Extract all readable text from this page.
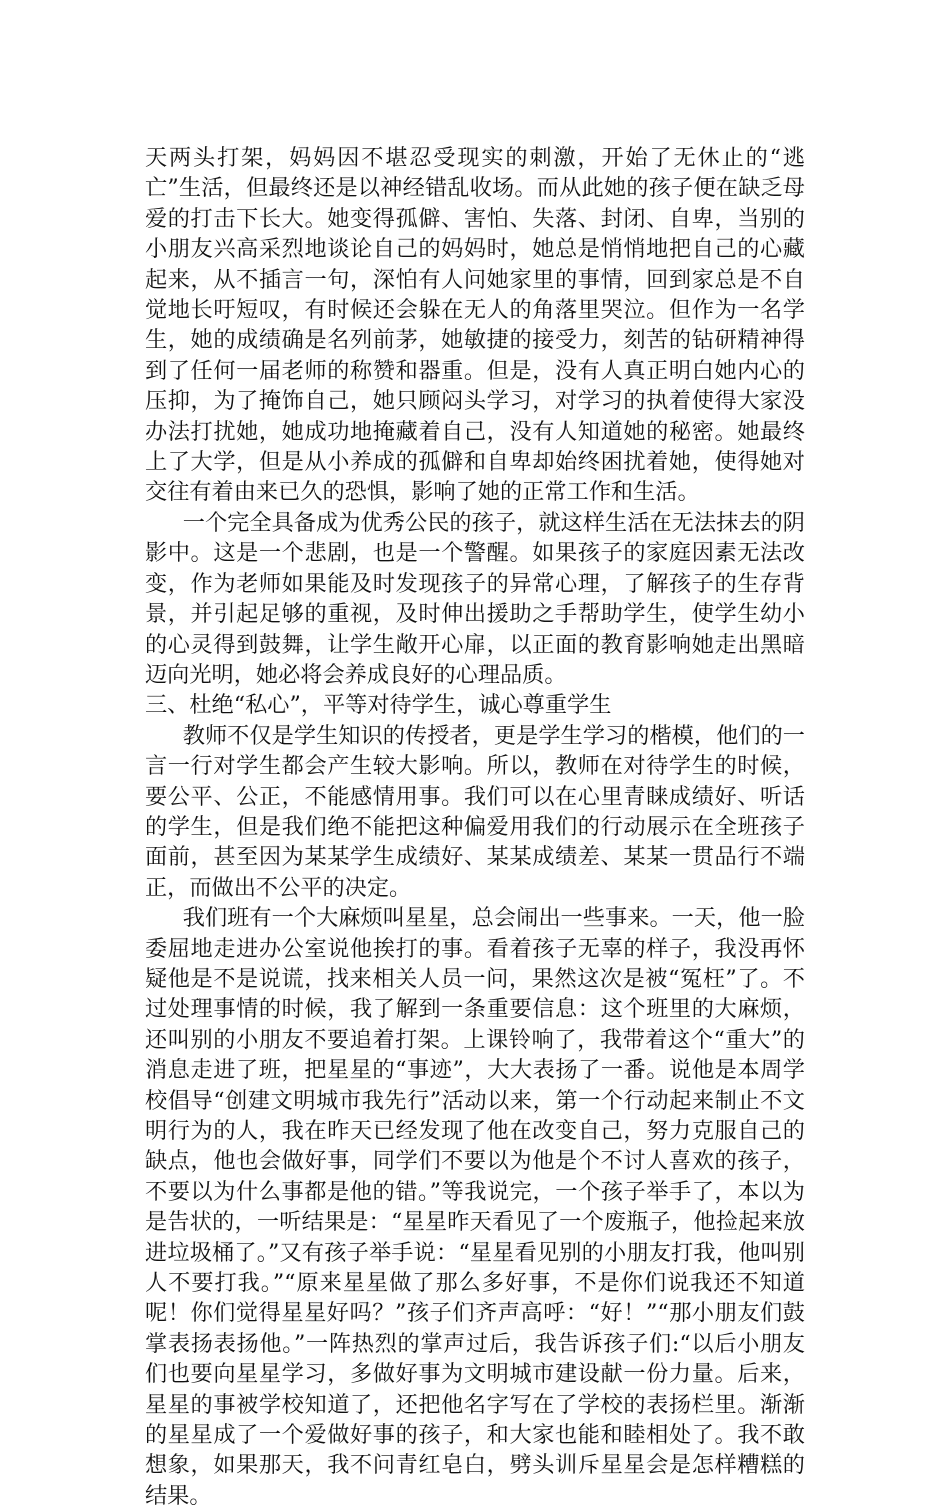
天两头打架，妈妈因不堪忍受现实的刺激，开始了无休止的“逃亡”生活，但最终还是以神经错乱收场。而从此她的孩子便在缺乏母爱的打击下长大。她变得孤僻、害怕、失落、封闭、自卑，当别的小朋友兴高采烈地谈论自己的妈妈时，她总是悄悄地把自己的心藏起来，从不插言一句，深怕有人问她家里的事情，回到家总是不自觉地长吁短叹，有时候还会躲在无人的角落里哭泣。但作为一名学生，她的成绩确是名列前茅，她敏捷的接受力，刻苦的钻研精神得到了任何一届老师的称赞和器重。但是，没有人真正明白她内心的压抑，为了掩饰自己，她只顾闷头学习，对学习的执着使得大家没办法打扰她，她成功地掩藏着自己，没有人知道她的秘密。她最终上了大学，但是从小养成的孤僻和自卑却始终困扰着她，使得她对交往有着由来已久的恐惧，影响了她的正常工作和生活。

一个完全具备成为优秀公民的孩子，就这样生活在无法抹去的阴影中。这是一个悲剧，也是一个警醒。如果孩子的家庭因素无法改变，作为老师如果能及时发现孩子的异常心理，了解孩子的生存背景，并引起足够的重视，及时伸出援助之手帮助学生，使学生幼小的心灵得到鼓舞，让学生敞开心扉，以正面的教育影响她走出黑暗迈向光明，她必将会养成良好的心理品质。

三、杜绝“私心”，平等对待学生，诚心尊重学生

教师不仅是学生知识的传授者，更是学生学习的楷模，他们的一言一行对学生都会产生较大影响。所以，教师在对待学生的时候，要公平、公正，不能感情用事。我们可以在心里青睐成绩好、听话的学生，但是我们绝不能把这种偏爱用我们的行动展示在全班孩子面前，甚至因为某某学生成绩好、某某成绩差、某某一贯品行不端正，而做出不公平的决定。

我们班有一个大麻烦叫星星，总会闹出一些事来。一天，他一脸委屈地走进办公室说他挨打的事。看着孩子无辜的样子，我没再怀疑他是不是说谎，找来相关人员一问，果然这次是被“冤枉”了。不过处理事情的时候，我了解到一条重要信息：这个班里的大麻烦，还叫别的小朋友不要追着打架。上课铃响了，我带着这个“重大”的消息走进了班，把星星的“事迹”，大大表扬了一番。说他是本周学校倡导“创建文明城市我先行”活动以来，第一个行动起来制止不文明行为的人，我在昨天已经发现了他在改变自己，努力克服自己的缺点，他也会做好事，同学们不要以为他是个不讨人喜欢的孩子，不要以为什么事都是他的错。”等我说完，一个孩子举手了，本以为是告状的，一听结果是：“星星昨天看见了一个废瓶子，他捡起来放进垃圾桶了。”又有孩子举手说：“星星看见别的小朋友打我，他叫别人不要打我。”“原来星星做了那么多好事，不是你们说我还不知道呢！你们觉得星星好吗？”孩子们齐声高呼：“好！”“那小朋友们鼓掌表扬表扬他。”一阵热烈的掌声过后，我告诉孩子们:“以后小朋友们也要向星星学习，多做好事为文明城市建设献一份力量。后来，星星的事被学校知道了，还把他名字写在了学校的表扬栏里。渐渐的星星成了一个爱做好事的孩子，和大家也能和睦相处了。我不敢想象，如果那天，我不问青红皂白，劈头训斥星星会是怎样糟糕的结果。
